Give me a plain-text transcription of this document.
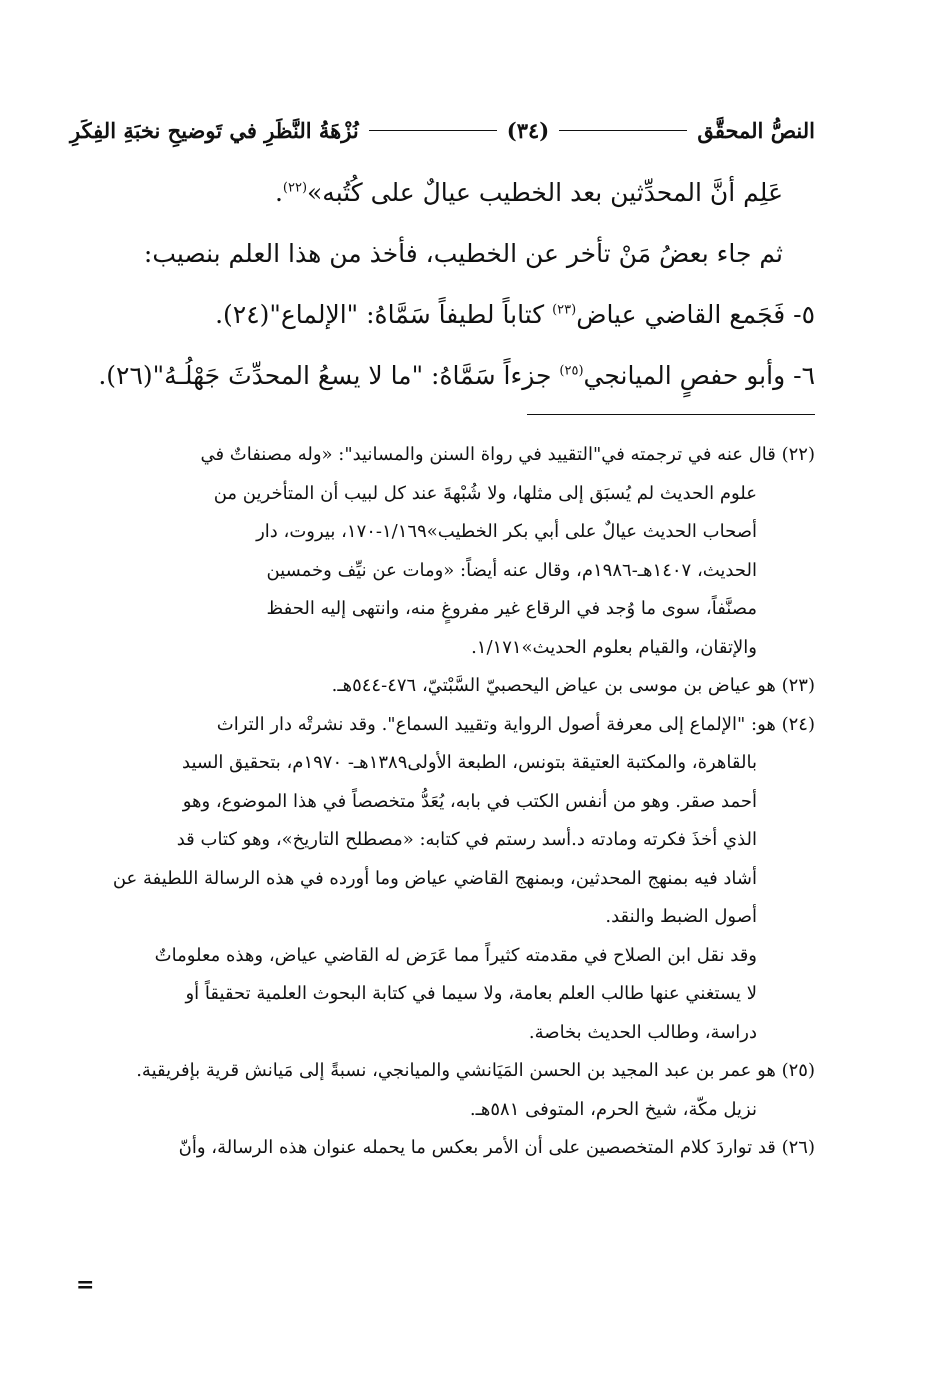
النصُّ المحقَّق
(٣٤)
نُزْهَةُ النَّظَرِ في تَوضيحِ نخبَةِ الفِكَرِ
عَلِم أنَّ المحدِّثين بعد الخطيب عيالٌ على كُتُبه»$^{(٢٢)}$.
ثم جاء بعضُ مَنْ تأخر عن الخطيب، فأخذ من هذا العلم بنصيب:
٥- فَجَمع القاضي عياض$^{(٢٣)}$ كتاباً لطيفاً سَمَّاهُ: "الإلماع"(٢٤).
٦- وأبو حفصٍ الميانجي$^{(٢٥)}$ جزءاً سَمَّاهُ: "ما لا يسعُ المحدِّثَ جَهْلُـهُ"(٢٦).
(٢٢) قال عنه في ترجمته في"التقييد في رواة السنن والمسانيد": «وله مصنفاتٌ في
علوم الحديث لم يُسبَق إلى مثلها، ولا شُبْهةَ عند كل لبيب أن المتأخرين من
أصحاب الحديث عيالٌ على أبي بكر الخطيب»١/١٦٩-١٧٠، بيروت، دار
الحديث، ١٤٠٧هـ-١٩٨٦م، وقال عنه أيضاً: «ومات عن نيِّف وخمسين
مصنَّفاً، سوى ما وُجد في الرقاع غير مفروغٍ منه، وانتهى إليه الحفظ
والإتقان، والقيام بعلوم الحديث»١/١٧١.
(٢٣) هو عياض بن موسى بن عياض اليحصبيّ السَّبْتيّ، ٤٧٦-٥٤٤هـ.
(٢٤) هو: "الإلماع إلى معرفة أصول الرواية وتقييد السماع". وقد نشرتْه دار التراث
بالقاهرة، والمكتبة العتيقة بتونس، الطبعة الأولى١٣٨٩هـ- ١٩٧٠م، بتحقيق السيد
أحمد صقر. وهو من أنفس الكتب في بابه، يُعَدُّ متخصصاً في هذا الموضوع، وهو
الذي أخذَ فكرته ومادته د.أسد رستم في كتابه: «مصطلح التاريخ»، وهو كتاب قد
أشاد فيه بمنهج المحدثين، وبمنهج القاضي عياض وما أورده في هذه الرسالة اللطيفة عن
أصول الضبط والنقد.
وقد نقل ابن الصلاح في مقدمته كثيراً مما عَرَض له القاضي عياض، وهذه معلوماتٌ
لا يستغني عنها طالب العلم بعامة، ولا سيما في كتابة البحوث العلمية تحقيقاً أو
دراسة، وطالب الحديث بخاصة.
(٢٥) هو عمر بن عبد المجيد بن الحسن المَيَانشي والميانجي، نسبةً إلى مَيانش قرية بإفريقية.
نزيل مكّة، شيخ الحرم، المتوفى ٥٨١هـ.
(٢٦) قد تواردَ كلام المتخصصين على أن الأمر بعكس ما يحمله عنوان هذه الرسالة، وأنّ
=
